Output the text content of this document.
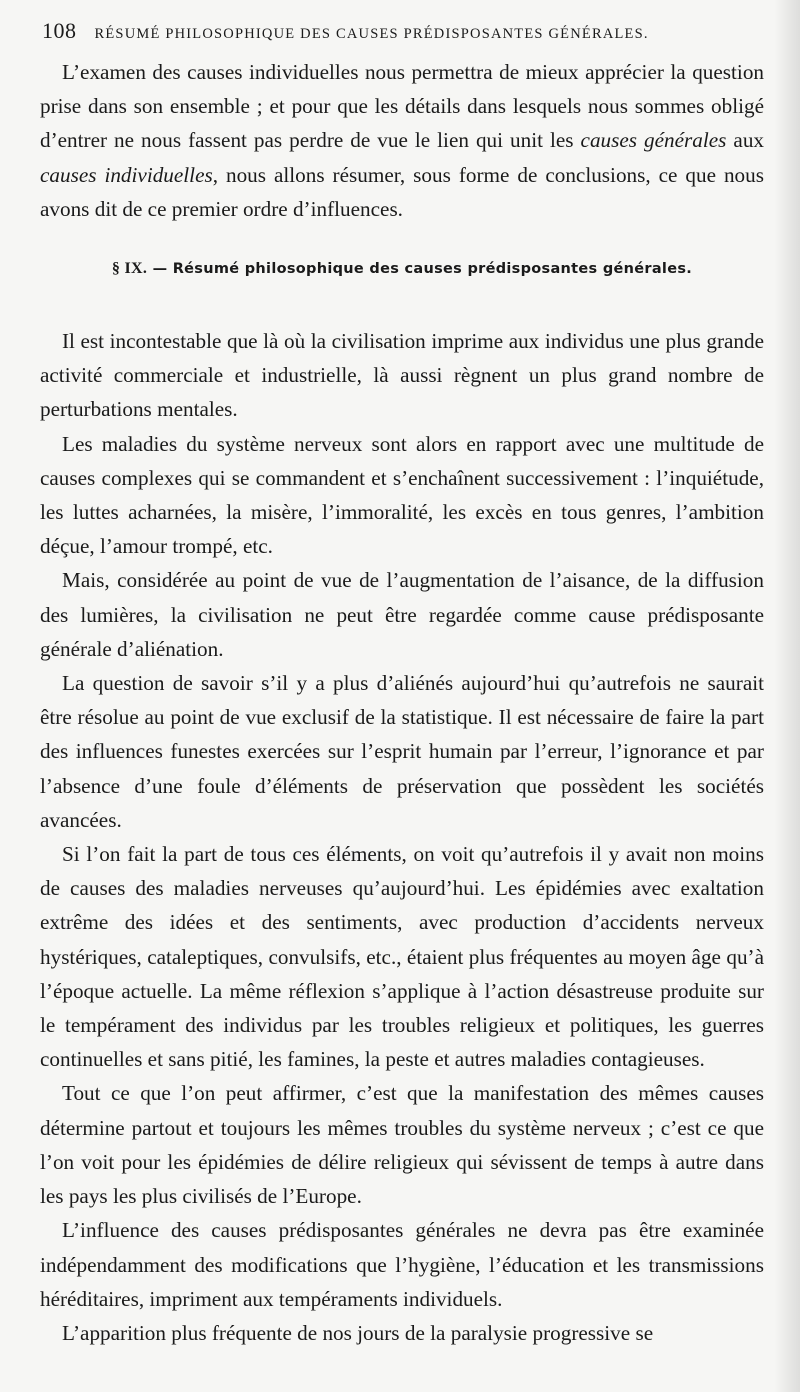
108 RÉSUMÉ PHILOSOPHIQUE DES CAUSES PRÉDISPOSANTES GÉNÉRALES.

L’examen des causes individuelles nous permettra de mieux apprécier la question prise dans son ensemble ; et pour que les détails dans lesquels nous sommes obligé d’entrer ne nous fassent pas perdre de vue le lien qui unit les causes générales aux causes individuelles, nous allons résumer, sous forme de conclusions, ce que nous avons dit de ce premier ordre d’influences.

§ IX. — Résumé philosophique des causes prédisposantes générales.

Il est incontestable que là où la civilisation imprime aux individus une plus grande activité commerciale et industrielle, là aussi règnent un plus grand nombre de perturbations mentales.

Les maladies du système nerveux sont alors en rapport avec une multitude de causes complexes qui se commandent et s’enchaînent successivement : l’inquiétude, les luttes acharnées, la misère, l’immoralité, les excès en tous genres, l’ambition déçue, l’amour trompé, etc.

Mais, considérée au point de vue de l’augmentation de l’aisance, de la diffusion des lumières, la civilisation ne peut être regardée comme cause prédisposante générale d’aliénation.

La question de savoir s’il y a plus d’aliénés aujourd’hui qu’autrefois ne saurait être résolue au point de vue exclusif de la statistique. Il est nécessaire de faire la part des influences funestes exercées sur l’esprit humain par l’erreur, l’ignorance et par l’absence d’une foule d’éléments de préservation que possèdent les sociétés avancées.

Si l’on fait la part de tous ces éléments, on voit qu’autrefois il y avait non moins de causes des maladies nerveuses qu’aujourd’hui. Les épidémies avec exaltation extrême des idées et des sentiments, avec production d’accidents nerveux hystériques, cataleptiques, convulsifs, etc., étaient plus fréquentes au moyen âge qu’à l’époque actuelle. La même réflexion s’applique à l’action désastreuse produite sur le tempérament des individus par les troubles religieux et politiques, les guerres continuelles et sans pitié, les famines, la peste et autres maladies contagieuses.

Tout ce que l’on peut affirmer, c’est que la manifestation des mêmes causes détermine partout et toujours les mêmes troubles du système nerveux ; c’est ce que l’on voit pour les épidémies de délire religieux qui sévissent de temps à autre dans les pays les plus civilisés de l’Europe.

L’influence des causes prédisposantes générales ne devra pas être examinée indépendamment des modifications que l’hygiène, l’éducation et les transmissions héréditaires, impriment aux tempéraments individuels.

L’apparition plus fréquente de nos jours de la paralysie progressive se
